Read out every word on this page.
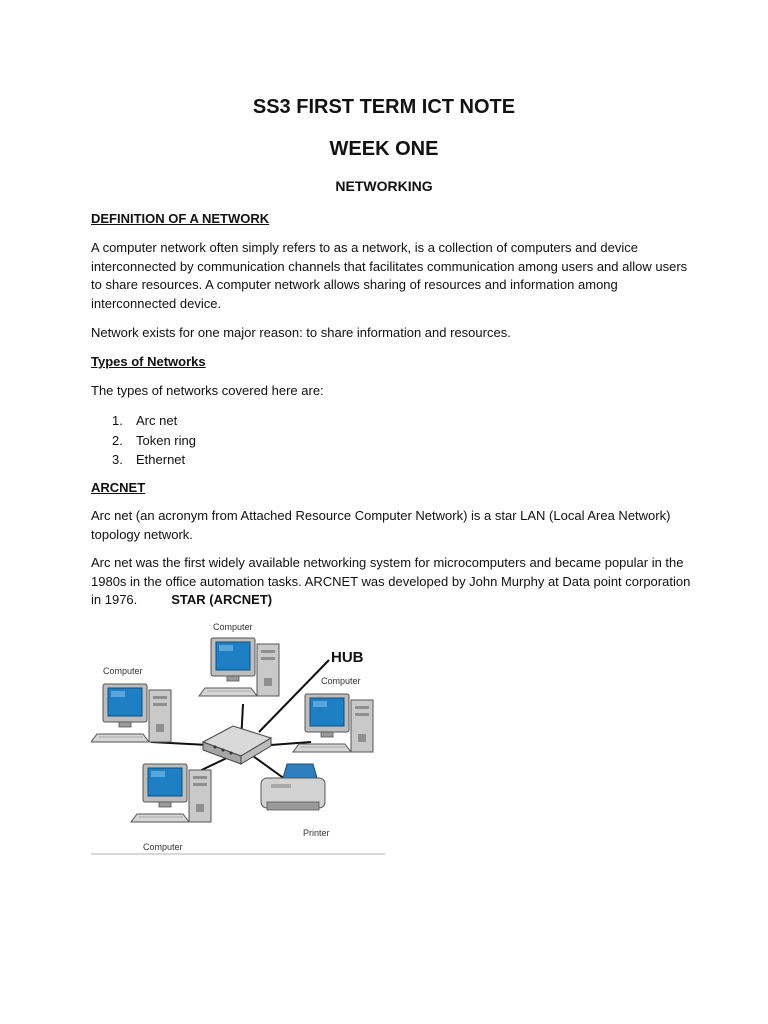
SS3 FIRST TERM ICT NOTE
WEEK ONE
NETWORKING

DEFINITION OF A NETWORK

A computer network often simply refers to as a network, is a collection of computers and device
interconnected by communication channels that facilitates communication among users and allow users
to share resources. A computer network allows sharing of resources and information among
interconnected device.

Network exists for one major reason: to share information and resources.

Types of Networks

The types of networks covered here are:

1. Arc net
2. Token ring
3. Ethernet

ARCNET

Arc net (an acronym from Attached Resource Computer Network) is a star LAN (Local Area Network)
topology network.

Arc net was the first widely available networking system for microcomputers and became popular in the
1980s in the office automation tasks. ARCNET was developed by John Murphy at Data point corporation
in 1976.	STAR (ARCNET)

Computer
Computer
Computer
Computer
Printer
HUB
